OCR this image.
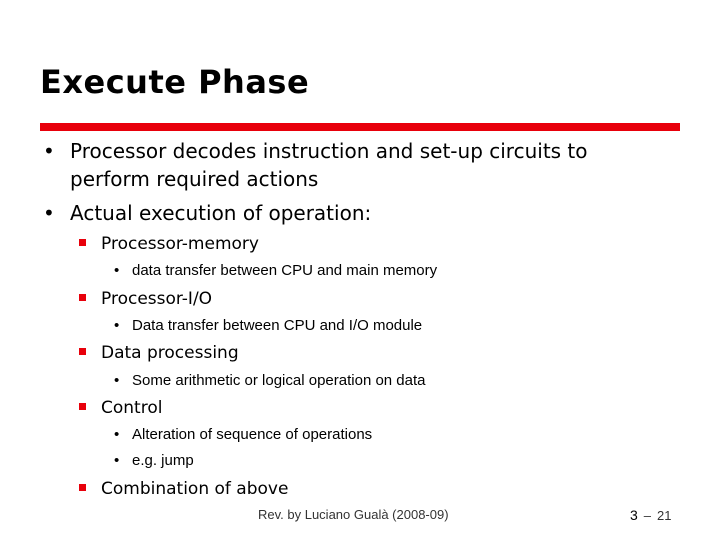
Execute Phase
• Processor decodes instruction and set-up circuits to perform required actions
• Actual execution of operation:
Processor-memory
• data transfer between CPU and main memory
Processor-I/O
• Data transfer between CPU and I/O module
Data processing
• Some arithmetic or logical operation on data
Control
• Alteration of sequence of operations
• e.g. jump
Combination of above
Rev. by Luciano Gualà (2008-09)	3 – 21
